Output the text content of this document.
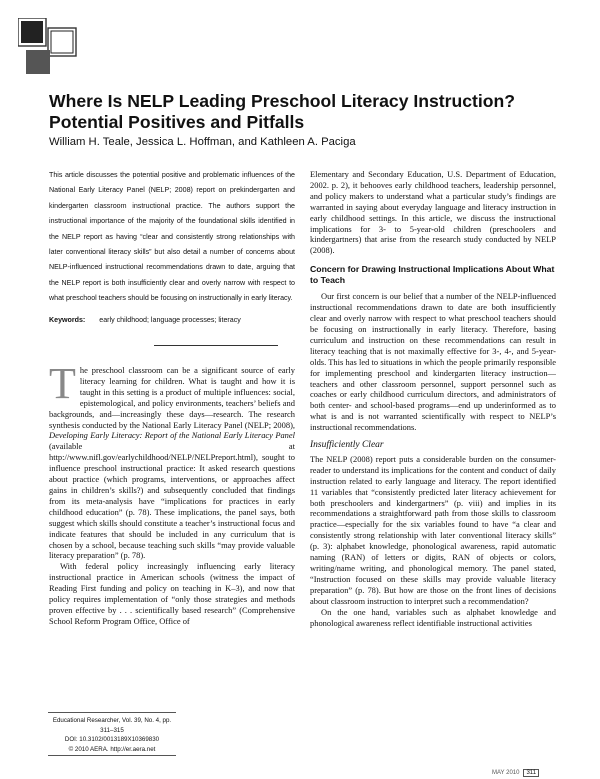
Where Is NELP Leading Preschool Literacy Instruction? Potential Positives and Pitfalls
William H. Teale, Jessica L. Hoffman, and Kathleen A. Paciga

This article discusses the potential positive and problematic influences of the National Early Literacy Panel (NELP; 2008) report on prekindergarten and kindergarten classroom instructional practice. The authors support the instructional importance of the majority of the foundational skills identified in the NELP report as having “clear and consistently strong relationships with later conventional literacy skills” but also detail a number of concerns about NELP-influenced instructional recommendations drawn to date, arguing that the NELP report is both insufficiently clear and overly narrow with respect to what preschool teachers should be focusing on instructionally in early literacy.

Keywords: early childhood; language processes; literacy

The preschool classroom can be a significant source of early literacy learning for children. What is taught and how it is taught in this setting is a product of multiple influences: social, epistemological, and policy environments, teachers’ beliefs and backgrounds, and—increasingly these days—research. The research synthesis conducted by the National Early Literacy Panel (NELP; 2008), Developing Early Literacy: Report of the National Early Literacy Panel (available at http://www.nifl.gov/earlychildhood/NELP/NELPreport.html), sought to influence preschool instructional practice: It asked research questions about practice (which programs, interventions, or approaches affect gains in children’s skills?) and subsequently concluded that findings from its meta-analysis have “implications for practices in early childhood education” (p. 78). These implications, the panel says, both suggest which skills should constitute a teacher’s instructional focus and indicate features that should be included in any curriculum that is chosen by a school, because teaching such skills “may provide valuable literacy preparation” (p. 78).

With federal policy increasingly influencing early literacy instructional practice in American schools (witness the impact of Reading First funding and policy on teaching in K–3), and now that policy requires implementation of “only those strategies and methods proven effective by . . . scientifically based research” (Comprehensive School Reform Program Office, Office of

Elementary and Secondary Education, U.S. Department of Education, 2002. p. 2), it behooves early childhood teachers, leadership personnel, and policy makers to understand what a particular study’s findings are warranted in saying about everyday language and literacy instruction in early childhood settings. In this article, we discuss the instructional implications for 3- to 5-year-old children (preschoolers and kindergartners) that arise from the research study conducted by NELP (2008).

Concern for Drawing Instructional Implications About What to Teach

Our first concern is our belief that a number of the NELP-influenced instructional recommendations drawn to date are both insufficiently clear and overly narrow with respect to what preschool teachers should be focusing on instructionally in early literacy. Therefore, basing curriculum and instruction on these recommendations can result in literacy teaching that is not maximally effective for 3-, 4-, and 5-year-olds. This has led to situations in which the people primarily responsible for implementing preschool and kindergarten literacy instruction—teachers and other classroom personnel, support personnel such as coaches or early childhood curriculum directors, and administrators of both center- and school-based programs—end up underinformed as to what is and is not warranted scientifically with respect to NELP’s instructional recommendations.

Insufficiently Clear

The NELP (2008) report puts a considerable burden on the consumer-reader to understand its implications for the content and conduct of daily instruction related to early language and literacy. The report identified 11 variables that “consistently predicted later literacy achievement for both preschoolers and kindergartners” (p. viii) and implies in its recommendations a straightforward path from those skills to classroom practice—especially for the six variables found to have “a clear and consistently strong relationship with later conventional literacy skills” (p. 3): alphabet knowledge, phonological awareness, rapid automatic naming (RAN) of letters or digits, RAN of objects or colors, writing/name writing, and phonological memory. The panel stated, “Instruction focused on these skills may provide valuable literacy preparation” (p. 78). But how are those on the front lines of decisions about classroom instruction to interpret such a recommendation?

On the one hand, variables such as alphabet knowledge and phonological awareness reflect identifiable instructional activities

Educational Researcher, Vol. 39, No. 4, pp. 311–315
DOI: 10.3102/0013189X10369830
© 2010 AERA. http://er.aera.net
MAY 2010	311
